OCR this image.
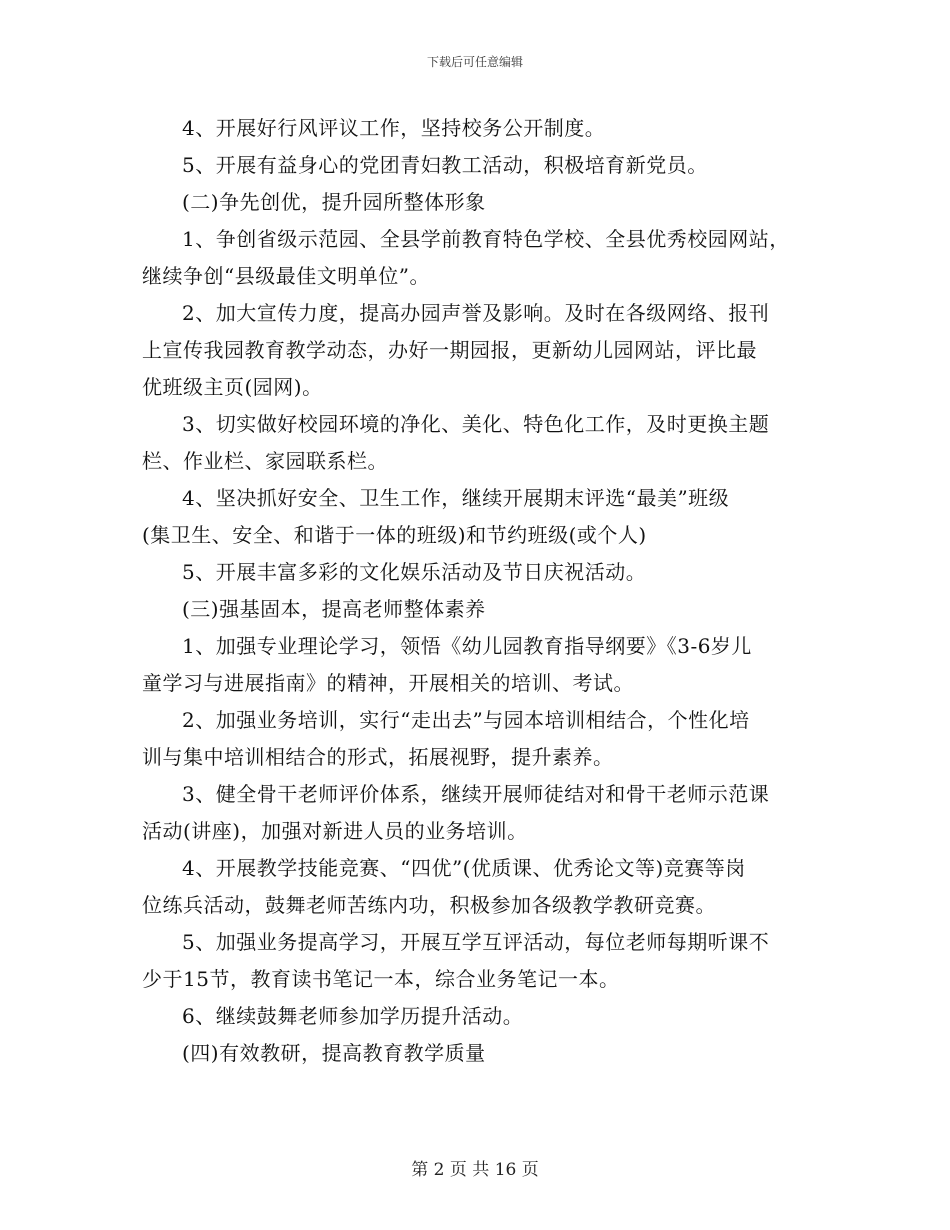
下载后可任意编辑

4、开展好行风评议工作，坚持校务公开制度。

5、开展有益身心的党团青妇教工活动，积极培育新党员。

(二)争先创优，提升园所整体形象

1、争创省级示范园、全县学前教育特色学校、全县优秀校园网站，

继续争创“县级最佳文明单位”。

2、加大宣传力度，提高办园声誉及影响。及时在各级网络、报刊

上宣传我园教育教学动态，办好一期园报，更新幼儿园网站，评比最

优班级主页(园网)。

3、切实做好校园环境的净化、美化、特色化工作，及时更换主题

栏、作业栏、家园联系栏。

4、坚决抓好安全、卫生工作，继续开展期末评选“最美”班级

(集卫生、安全、和谐于一体的班级)和节约班级(或个人)

5、开展丰富多彩的文化娱乐活动及节日庆祝活动。

(三)强基固本，提高老师整体素养

1、加强专业理论学习，领悟《幼儿园教育指导纲要》《3-6岁儿

童学习与进展指南》的精神，开展相关的培训、考试。

2、加强业务培训，实行“走出去”与园本培训相结合，个性化培

训与集中培训相结合的形式，拓展视野，提升素养。

3、健全骨干老师评价体系，继续开展师徒结对和骨干老师示范课

活动(讲座)，加强对新进人员的业务培训。

4、开展教学技能竞赛、“四优”(优质课、优秀论文等)竞赛等岗

位练兵活动，鼓舞老师苦练内功，积极参加各级教学教研竞赛。

5、加强业务提高学习，开展互学互评活动，每位老师每期听课不

少于15节，教育读书笔记一本，综合业务笔记一本。

6、继续鼓舞老师参加学历提升活动。

(四)有效教研，提高教育教学质量

第 2 页 共 16 页
